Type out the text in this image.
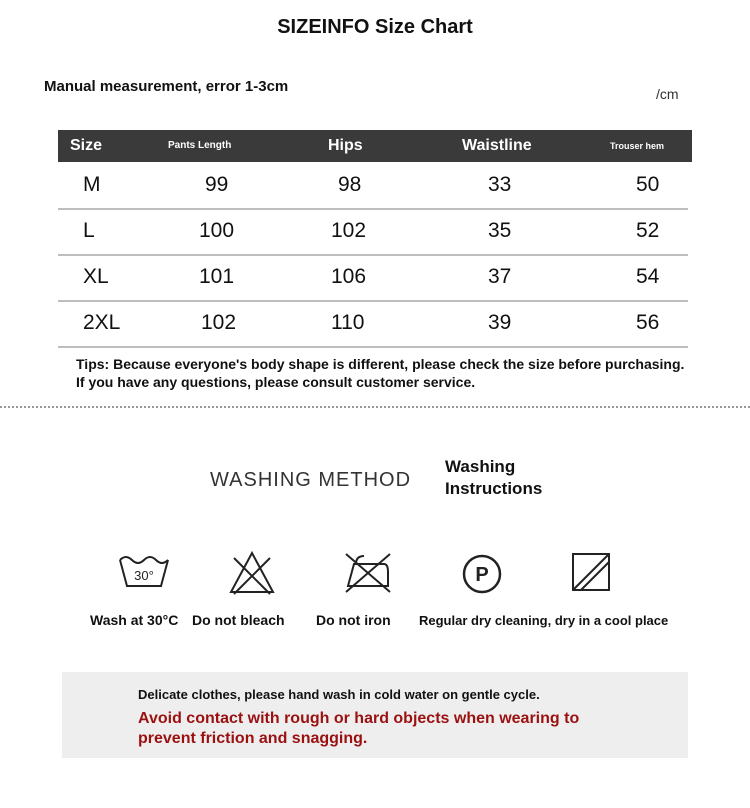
SIZEINFO Size Chart
Manual measurement, error 1-3cm	/cm
Size	Pants Length	Hips	Waistline	Trouser hem
M	99	98	33	50
L	100	102	35	52
XL	101	106	37	54
2XL	102	110	39	56
Tips: Because everyone's body shape is different, please check the size before purchasing. If you have any questions, please consult customer service.
WASHING METHOD
Washing Instructions
30°	P
Wash at 30°C Do not bleach Do not iron Regular dry cleaning, dry in a cool place
Delicate clothes, please hand wash in cold water on gentle cycle.
Avoid contact with rough or hard objects when wearing to prevent friction and snagging.
